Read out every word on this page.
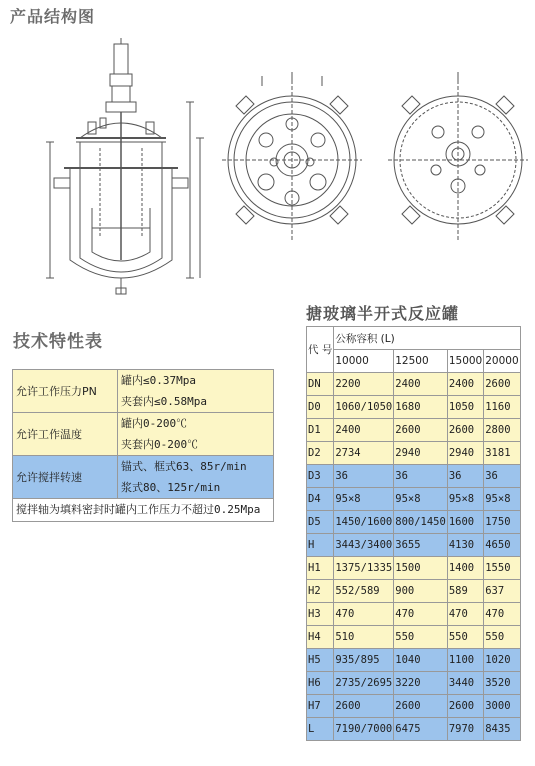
产品结构图
技术特性表
允许工作压力PN	罐内≤0.37Mpa
夹套内≤0.58Mpa

允许工作温度	罐内0-200℃
夹套内0-200℃

允许搅拌转速	锚式、框式63、85r/min
浆式80、125r/min

搅拌轴为填料密封时罐内工作压力不超过0.25Mpa	
搪玻璃半开式反应罐
代 号	公称容积 (L)			
	10000	12500	15000	20000
DN	2200	2400	2400	2600
D0	1060/1050	1680	1050	1160
D1	2400	2600	2600	2800
D2	2734	2940	2940	3181
D3	36	36	36	36
D4	95×8	95×8	95×8	95×8
D5	1450/1600	800/1450	1600	1750
H	3443/3400	3655	4130	4650
H1	1375/1335	1500	1400	1550
H2	552/589	900	589	637
H3	470	470	470	470
H4	510	550	550	550
H5	935/895	1040	1100	1020
H6	2735/2695	3220	3440	3520
H7	2600	2600	2600	3000
L	7190/7000	6475	7970	8435
